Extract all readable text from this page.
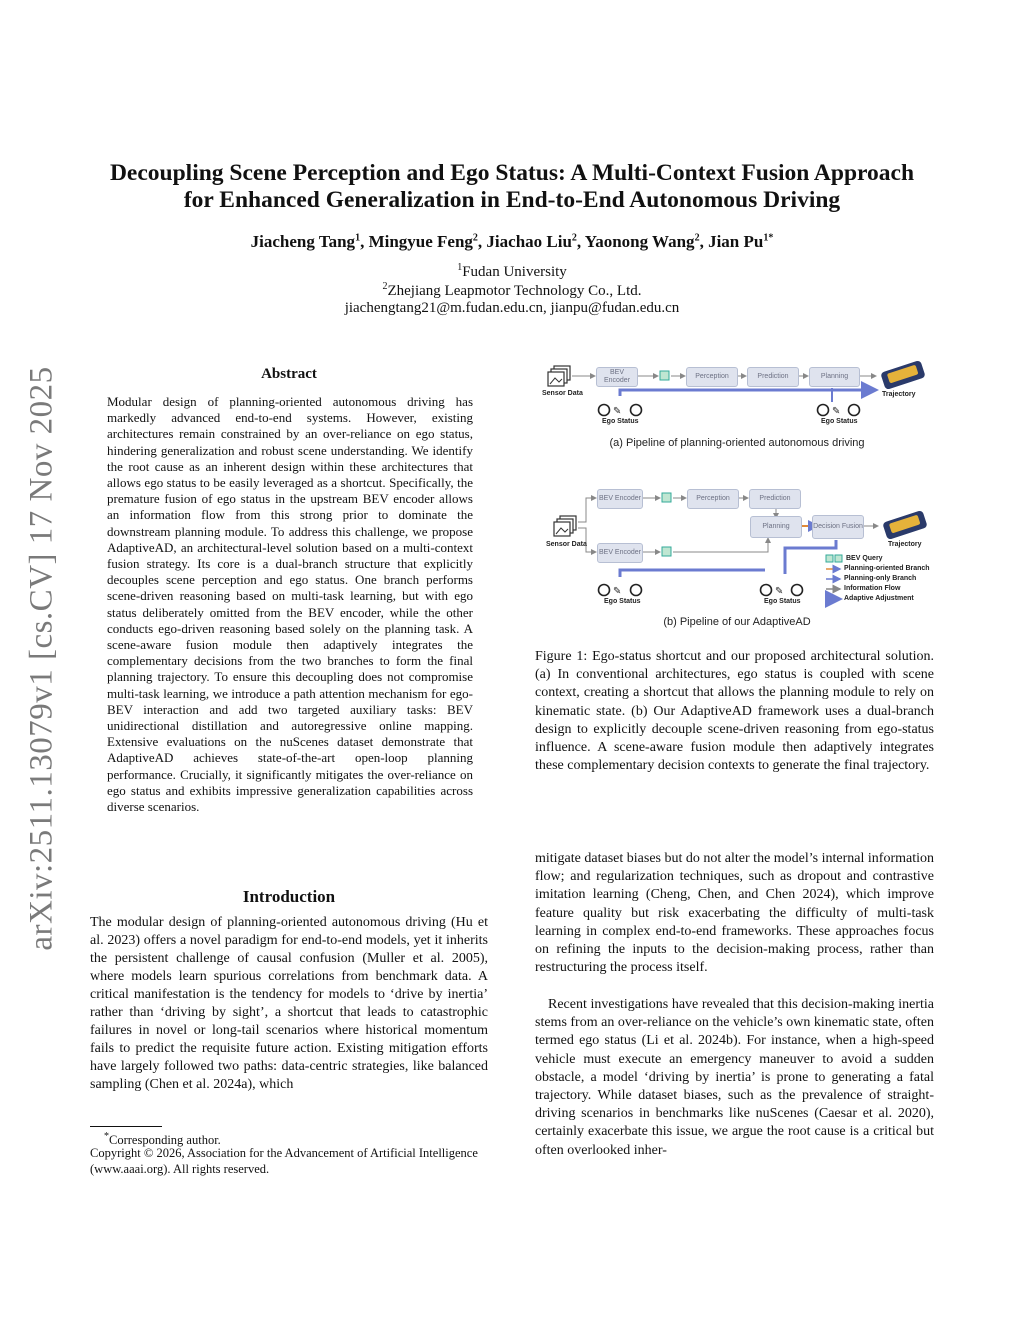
arXiv:2511.13079v1 [cs.CV] 17 Nov 2025
Decoupling Scene Perception and Ego Status: A Multi-Context Fusion Approach
for Enhanced Generalization in End-to-End Autonomous Driving
Jiacheng Tang$^1$, Mingyue Feng$^2$, Jiachao Liu$^2$, Yaonong Wang$^2$, Jian $Pu^{1*}$
$^1$Fudan University
$^2$Zhejiang Leapmotor Technology Co., Ltd.
jiachengtang21@m.fudan.edu.cn, jianpu@fudan.edu.cn
Abstract
Modular design of planning-oriented autonomous driving has markedly advanced end-to-end systems. However, existing architectures remain constrained by an over-reliance on ego status, hindering generalization and robust scene understanding. We identify the root cause as an inherent design within these architectures that allows ego status to be easily leveraged as a shortcut. Specifically, the premature fusion of ego status in the upstream BEV encoder allows an information flow from this strong prior to dominate the downstream planning module. To address this challenge, we propose AdaptiveAD, an architectural-level solution based on a multi-context fusion strategy. Its core is a dual-branch structure that explicitly decouples scene perception and ego status. One branch performs scene-driven reasoning based on multi-task learning, but with ego status deliberately omitted from the BEV encoder, while the other conducts ego-driven reasoning based solely on the planning task. A scene-aware fusion module then adaptively integrates the complementary decisions from the two branches to form the final planning trajectory. To ensure this decoupling does not compromise multi-task learning, we introduce a path attention mechanism for ego-BEV interaction and add two targeted auxiliary tasks: BEV unidirectional distillation and autoregressive online mapping. Extensive evaluations on the nuScenes dataset demonstrate that AdaptiveAD achieves state-of-the-art open-loop planning performance. Crucially, it significantly mitigates the over-reliance on ego status and exhibits impressive generalization capabilities across diverse scenarios.
Introduction
The modular design of planning-oriented autonomous driving (Hu et al. 2023) offers a novel paradigm for end-to-end models, yet it inherits the persistent challenge of causal confusion (Muller et al. 2005), where models learn spurious correlations from benchmark data. A critical manifestation is the tendency for models to ‘drive by inertia’ rather than ‘driving by sight’, a shortcut that leads to catastrophic failures in novel or long-tail scenarios where historical momentum fails to predict the requisite future action. Existing mitigation efforts have largely followed two paths: data-centric strategies, like balanced sampling (Chen et al. 2024a), which
*Corresponding author.
Copyright © 2026, Association for the Advancement of Artificial Intelligence (www.aaai.org). All rights reserved.
✎	✎
✎	✎
Sensor Data
BEV Encoder
Perception	Prediction	Planning
Trajectory
Ego Status	Ego Status
(a) Pipeline of planning-oriented autonomous driving
Sensor Data
BEV Encoder
BEV Encoder
Perception	Prediction
Planning	Decision Fusion
Trajectory
Ego Status	Ego Status
BEV Query
Planning-oriented Branch
Planning-only Branch
Information Flow
Adaptive Adjustment
(b) Pipeline of our AdaptiveAD
Figure 1: Ego-status shortcut and our proposed architectural solution. (a) In conventional architectures, ego status is coupled with scene context, creating a shortcut that allows the planning module to rely on kinematic state. (b) Our AdaptiveAD framework uses a dual-branch design to explicitly decouple scene-driven reasoning from ego-status influence. A scene-aware fusion module then adaptively integrates these complementary decision contexts to generate the final trajectory.
mitigate dataset biases but do not alter the model’s internal information flow; and regularization techniques, such as dropout and contrastive imitation learning (Cheng, Chen, and Chen 2024), which improve feature quality but risk exacerbating the difficulty of multi-task learning in complex end-to-end frameworks. These approaches focus on refining the inputs to the decision-making process, rather than restructuring the process itself.
Recent investigations have revealed that this decision-making inertia stems from an over-reliance on the vehicle’s own kinematic state, often termed ego status (Li et al. 2024b). For instance, when a high-speed vehicle must execute an emergency maneuver to avoid a sudden obstacle, a model ‘driving by inertia’ is prone to generating a fatal trajectory. While dataset biases, such as the prevalence of straight-driving scenarios in benchmarks like nuScenes (Caesar et al. 2020), certainly exacerbate this issue, we argue the root cause is a critical but often overlooked inher-
